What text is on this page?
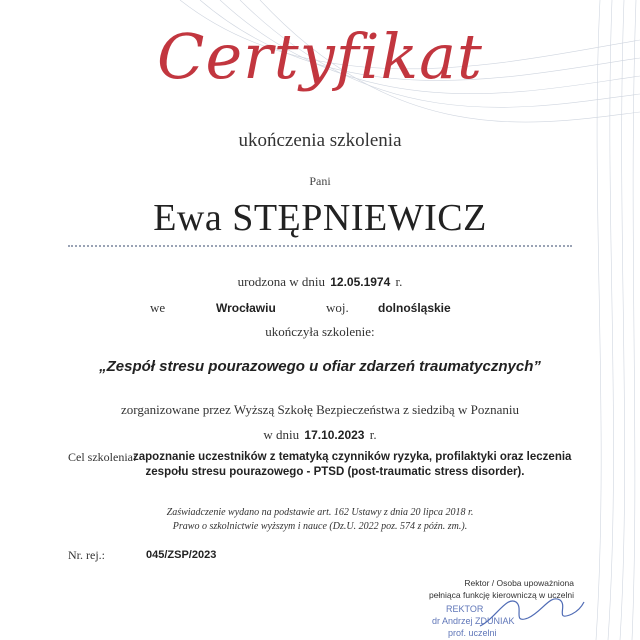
Certyfikat
ukończenia szkolenia
Pani
Ewa STĘPNIEWICZ
urodzona w dniu 12.05.1974 r.
we	Wrocławiu	woj. dolnośląskie
ukończyła szkolenie:
„Zespół stresu pourazowego u ofiar zdarzeń traumatycznych”
zorganizowane przez Wyższą Szkołę Bezpieczeństwa z siedzibą w Poznaniu
w dniu 17.10.2023 r.
Cel szkolenia:
zapoznanie uczestników z tematyką czynników ryzyka, profilaktyki oraz leczenia
zespołu stresu pourazowego - PTSD (post-traumatic stress disorder).
Zaświadczenie wydano na podstawie art. 162 Ustawy z dnia 20 lipca 2018 r.
Prawo o szkolnictwie wyższym i nauce (Dz.U. 2022 poz. 574 z późn. zm.).
Nr. rej.:	045/ZSP/2023
Rektor / Osoba upoważniona
pełniąca funkcję kierowniczą w uczelni
REKTOR
dr Andrzej ZDUNIAK
prof. uczelni
